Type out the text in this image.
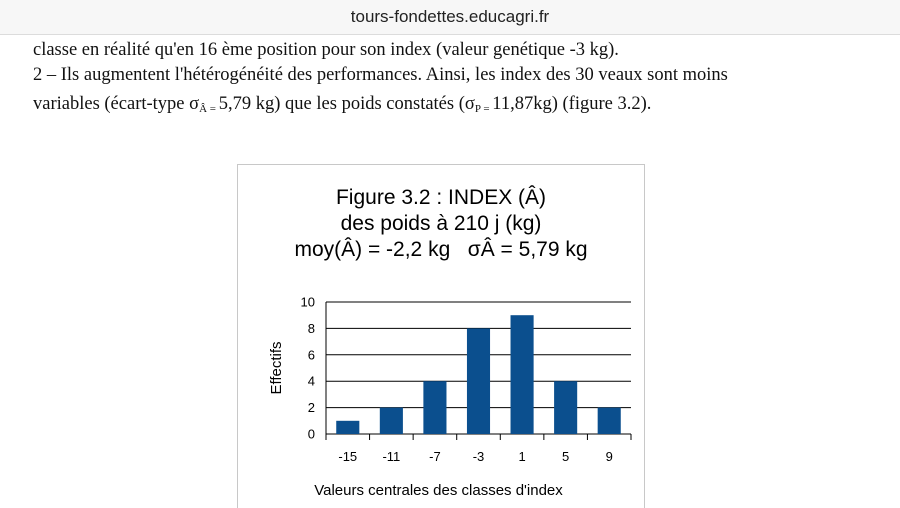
tours-fondettes.educagri.fr

classe en réalité qu'en 16 ème position pour son index (valeur genétique -3 kg).

2 – Ils augmentent l'hétérogénéité des performances. Ainsi, les index des 30 veaux sont moins

variables (écart-type $\sigma_{Â =}$ 5,79 kg) que les poids constatés ($\sigma_{P =}$ 11,87kg) (figure 3.2).

Figure 3.2 : INDEX (Â)
des poids à 210 j (kg)
moy(Â) = -2,2 kg   σÂ = 5,79 kg
0
2
4
6
8
10
-15 -11 -7 -3	1	5	9
Effectifs
Valeurs centrales des classes d'index
